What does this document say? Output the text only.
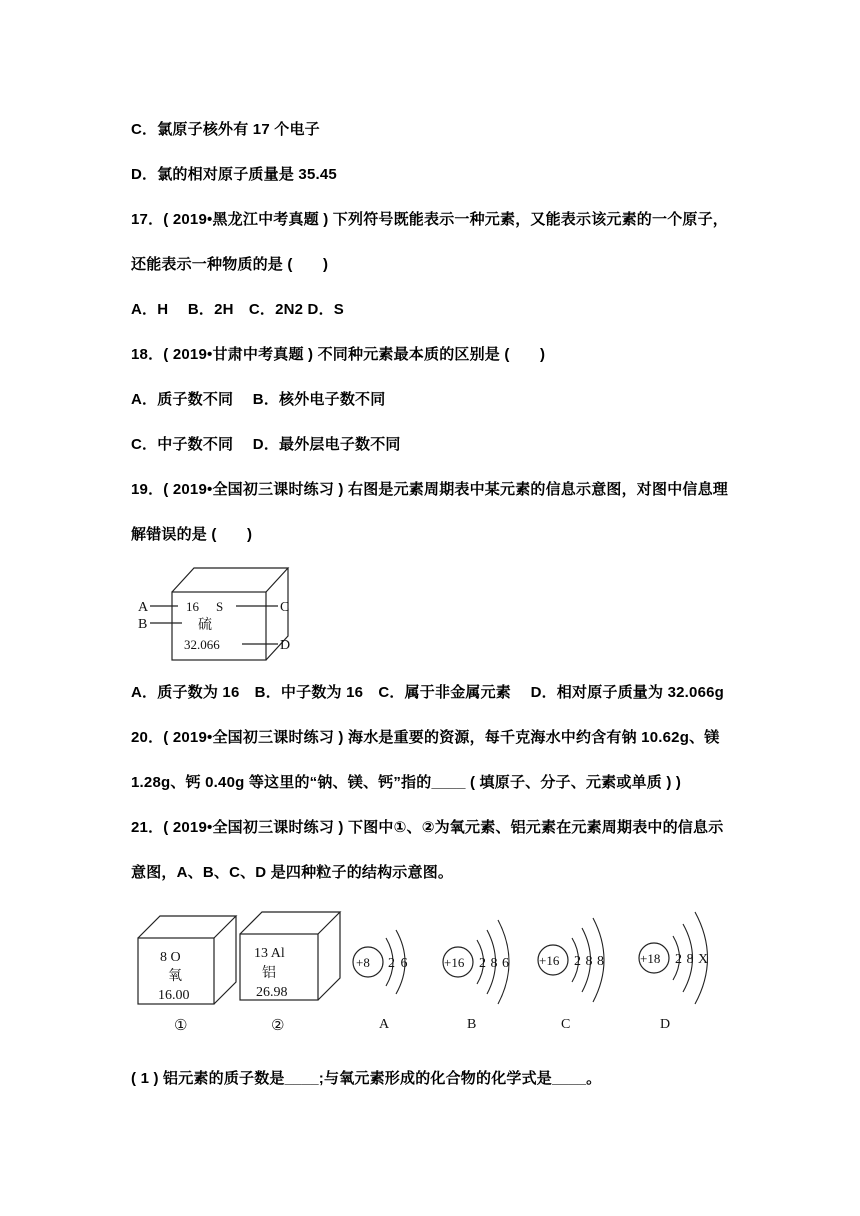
C．氯原子核外有 17 个电子
D．氯的相对原子质量是 35.45
17．( 2019•黑龙江中考真题 ) 下列符号既能表示一种元素，又能表示该元素的一个原子，
还能表示一种物质的是 (　　)
A．H　 B．2H　C．2N2 D．S
18．( 2019•甘肃中考真题 ) 不同种元素最本质的区别是 (　　)
A．质子数不同　 B．核外电子数不同
C．中子数不同　 D．最外层电子数不同
19．( 2019•全国初三课时练习 ) 右图是元素周期表中某元素的信息示意图，对图中信息理
解错误的是 (　　)
A
B
C
D
16 S
硫
32.066
A．质子数为 16　B．中子数为 16　C．属于非金属元素　 D．相对原子质量为 32.066g
20．( 2019•全国初三课时练习 ) 海水是重要的资源，每千克海水中约含有钠 10.62g、镁
1.28g、钙 0.40g 等这里的“钠、镁、钙”指的____ ( 填原子、分子、元素或单质 ) )
21．( 2019•全国初三课时练习 ) 下图中①、②为氧元素、铝元素在元素周期表中的信息示
意图，A、B、C、D 是四种粒子的结构示意图。
8 O
氧
16.00
①
13 Al
铝
26.98
②
+8 2 6
A
+16 2 8 6
B
+16 2 8 8
C
+18 2 8 X
D
( 1 ) 铝元素的质子数是____;与氧元素形成的化合物的化学式是____。
